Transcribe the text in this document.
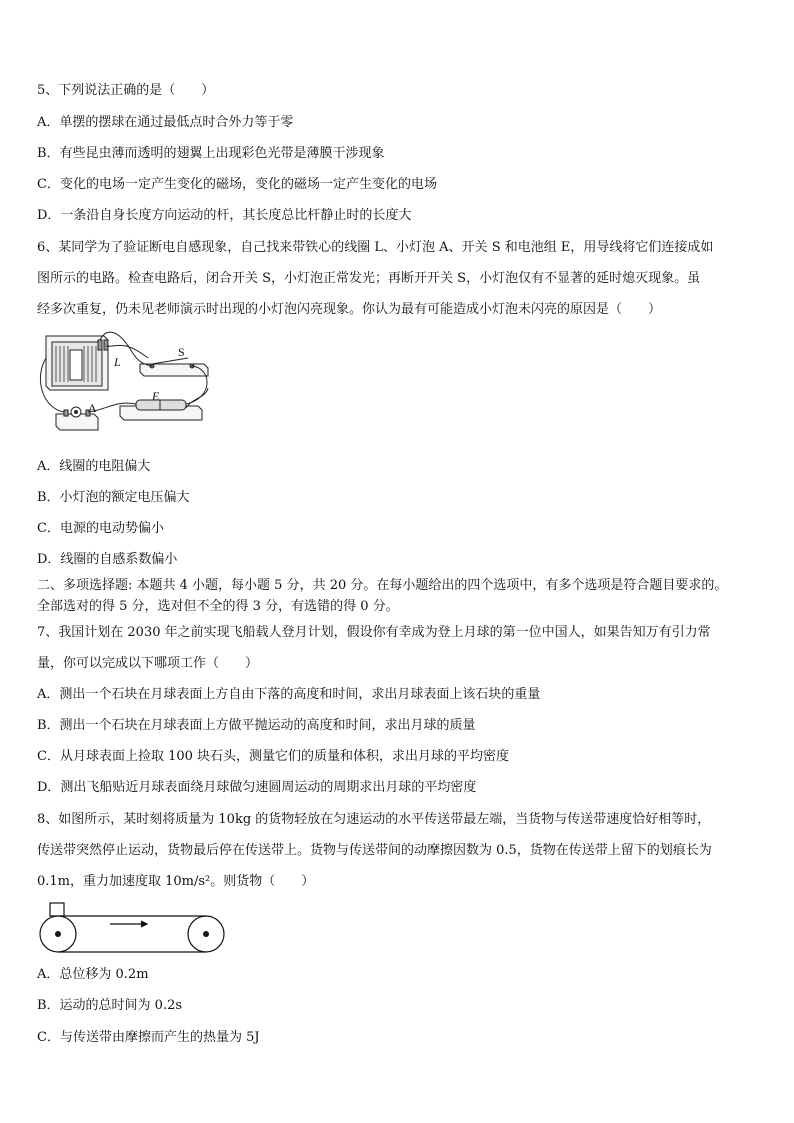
5、下列说法正确的是（　　）
A．单摆的摆球在通过最低点时合外力等于零
B．有些昆虫薄而透明的翅翼上出现彩色光带是薄膜干涉现象
C．变化的电场一定产生变化的磁场，变化的磁场一定产生变化的电场
D．一条沿自身长度方向运动的杆，其长度总比杆静止时的长度大
6、某同学为了验证断电自感现象，自己找来带铁心的线圈 L、小灯泡 A、开关 S 和电池组 E，用导线将它们连接成如
图所示的电路。检查电路后，闭合开关 S，小灯泡正常发光；再断开开关 S，小灯泡仅有不显著的延时熄灭现象。虽
经多次重复，仍未见老师演示时出现的小灯泡闪亮现象。你认为最有可能造成小灯泡未闪亮的原因是（　　）
L
S
E
A
A．线圈的电阻偏大
B．小灯泡的额定电压偏大
C．电源的电动势偏小
D．线圈的自感系数偏小
二、多项选择题: 本题共 4 小题，每小题 5 分，共 20 分。在每小题给出的四个选项中，有多个选项是符合题目要求的。
全部选对的得 5 分，选对但不全的得 3 分，有选错的得 0 分。
7、我国计划在 2030 年之前实现飞船载人登月计划，假设你有幸成为登上月球的第一位中国人，如果告知万有引力常
量，你可以完成以下哪项工作（　　）
A．测出一个石块在月球表面上方自由下落的高度和时间，求出月球表面上该石块的重量
B．测出一个石块在月球表面上方做平抛运动的高度和时间，求出月球的质量
C．从月球表面上捡取 100 块石头，测量它们的质量和体积，求出月球的平均密度
D．测出飞船贴近月球表面绕月球做匀速圆周运动的周期求出月球的平均密度
8、如图所示，某时刻将质量为 10kg 的货物轻放在匀速运动的水平传送带最左端，当货物与传送带速度恰好相等时，
传送带突然停止运动，货物最后停在传送带上。货物与传送带间的动摩擦因数为 0.5，货物在传送带上留下的划痕长为
0.1m，重力加速度取 10m/s²。则货物（　　）
A．总位移为 0.2m
B．运动的总时间为 0.2s
C．与传送带由摩擦而产生的热量为 5J
